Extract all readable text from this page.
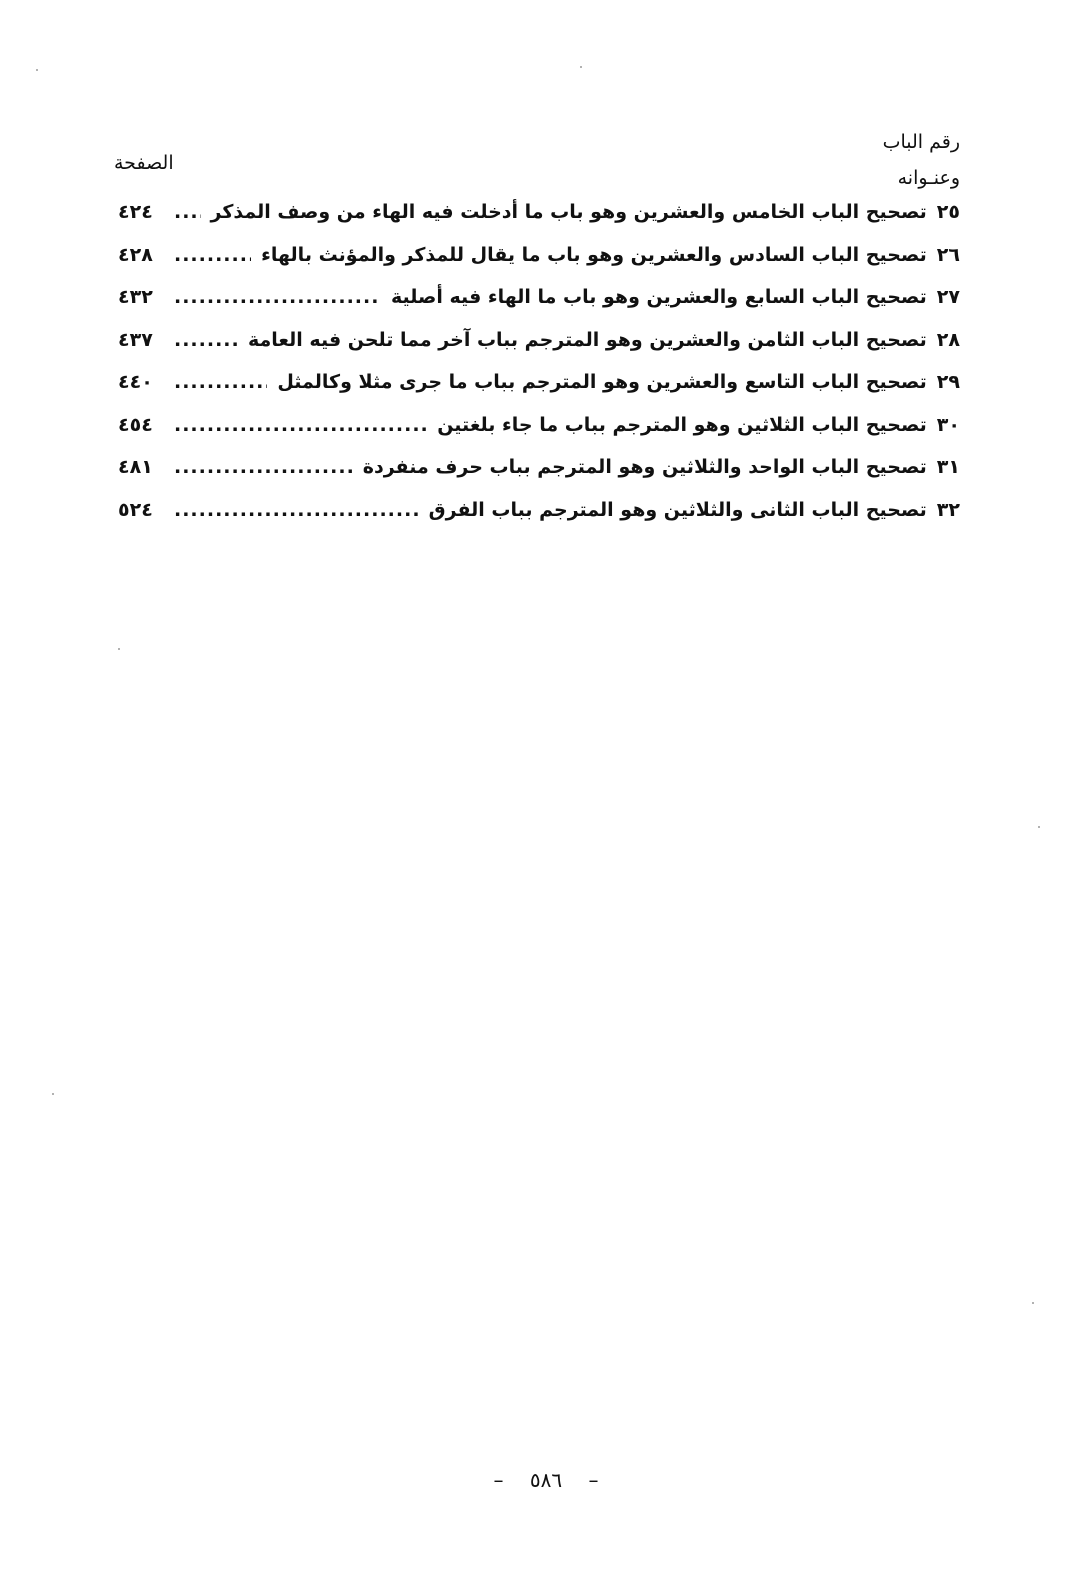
رقم الباب
وعنـوانه
الصفحة
٢٥
تصحيح الباب الخامس والعشرين وهو باب ما أدخلت فيه الهاء من وصف المذكر
.....
٤٢٤
٢٦
تصحيح الباب السادس والعشرين وهو باب ما يقال للمذكر والمؤنث بالهاء
.....
٤٢٨
٢٧
تصحيح الباب السابع والعشرين وهو باب ما الهاء فيه أصلية
.....
٤٣٢
٢٨
تصحيح الباب الثامن والعشرين وهو المترجم بباب آخر مما تلحن فيه العامة
.....
٤٣٧
٢٩
تصحيح الباب التاسع والعشرين وهو المترجم بباب ما جرى مثلا وكالمثل
.....
٤٤٠
٣٠
تصحيح الباب الثلاثين وهو المترجم بباب ما جاء بلغتين
.....
٤٥٤
٣١
تصحيح الباب الواحد والثلاثين وهو المترجم بباب حرف منفردة
.....
٤٨١
٣٢
تصحيح الباب الثانى والثلاثين وهو المترجم بباب الفرق
.....
٥٢٤
– ٥٨٦ –
